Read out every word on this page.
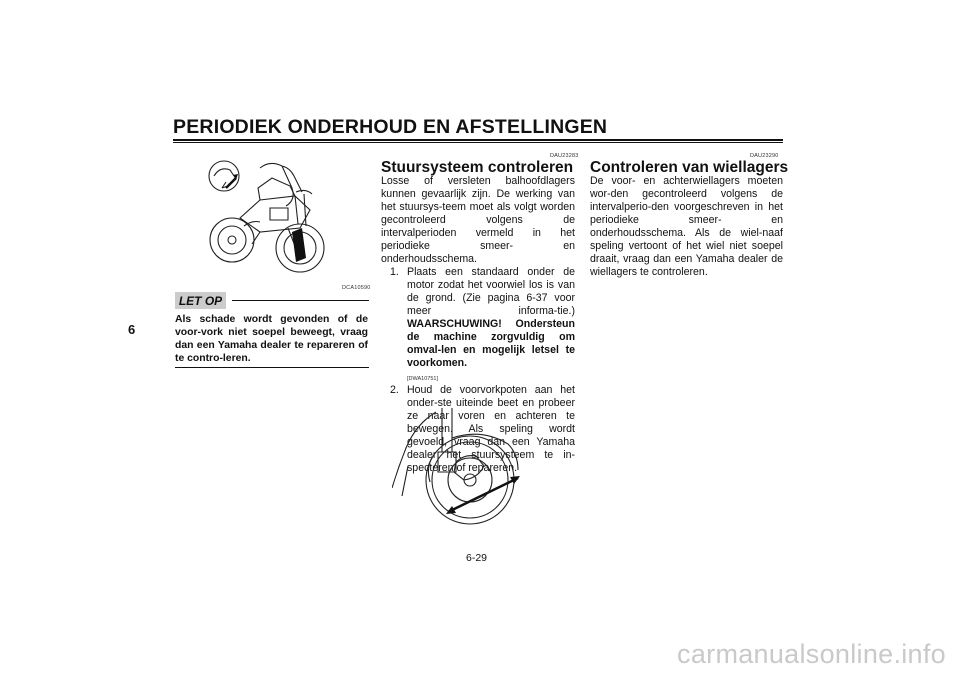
PERIODIEK ONDERHOUD EN AFSTELLINGEN
6
DCA10590
LET OP
Als schade wordt gevonden of de voor-vork niet soepel beweegt, vraag dan een Yamaha dealer te repareren of te contro-leren.
DAU23283
Stuursysteem controleren
Losse of versleten balhoofdlagers kunnen gevaarlijk zijn. De werking van het stuursys-teem moet als volgt worden gecontroleerd volgens de intervalperioden vermeld in het periodieke smeer- en onderhoudsschema.
1. Plaats een standaard onder de motor zodat het voorwiel los is van de grond. (Zie pagina 6-37 voor meer informa-tie.) WAARSCHUWING! Ondersteun de machine zorgvuldig om omval-len en mogelijk letsel te voorkomen.
[DWA10751]
2. Houd de voorvorkpoten aan het onder-ste uiteinde beet en probeer ze naar voren en achteren te bewegen. Als speling wordt gevoeld, vraag dan een Yamaha dealer het stuursysteem te in-specteren of repareren.
DAU23290
Controleren van wiellagers
De voor- en achterwiellagers moeten wor-den gecontroleerd volgens de intervalperio-den voorgeschreven in het periodieke smeer- en onderhoudsschema. Als de wiel-naaf speling vertoont of het wiel niet soepel draait, vraag dan een Yamaha dealer de wiellagers te controleren.
6-29
carmanualsonline.info
